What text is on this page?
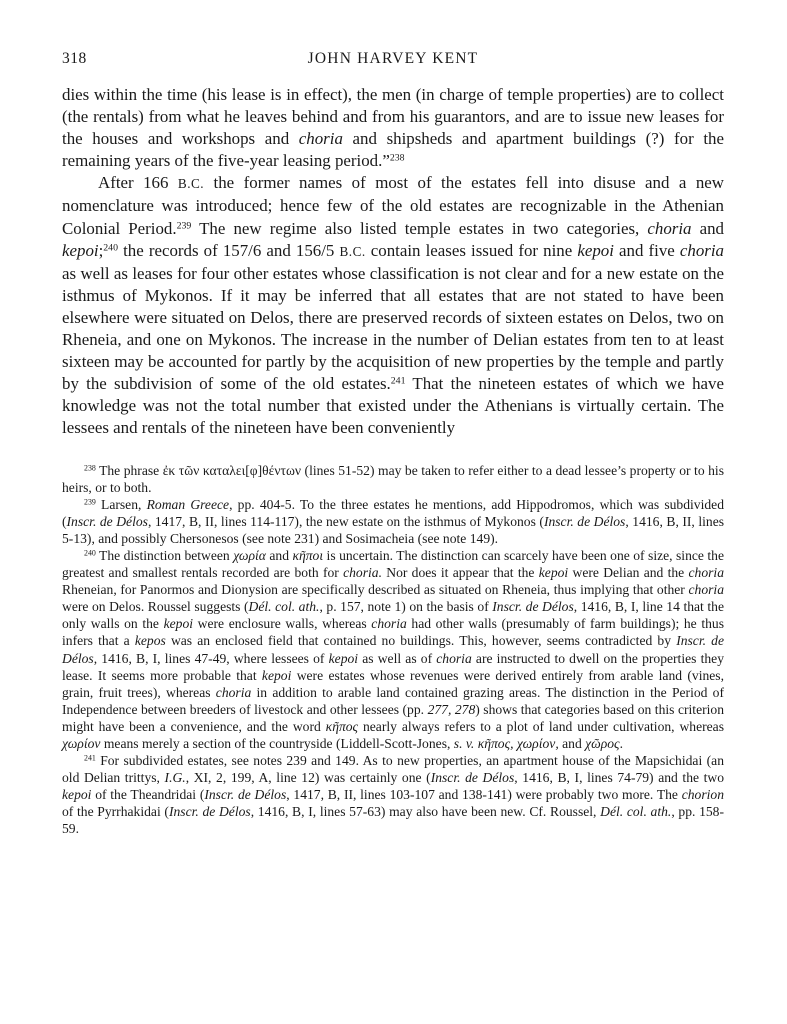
318	JOHN HARVEY KENT

dies within the time (his lease is in effect), the men (in charge of temple properties) are to collect (the rentals) from what he leaves behind and from his guarantors, and are to issue new leases for the houses and workshops and choria and shipsheds and apartment buildings (?) for the remaining years of the five-year leasing period.”$^{238}$

After 166 B.C. the former names of most of the estates fell into disuse and a new nomenclature was introduced; hence few of the old estates are recognizable in the Athenian Colonial Period.$^{239}$ The new regime also listed temple estates in two categories, choria and kepoi;$^{240}$ the records of 157/6 and 156/5 B.C. contain leases issued for nine kepoi and five choria as well as leases for four other estates whose classification is not clear and for a new estate on the isthmus of Mykonos. If it may be inferred that all estates that are not stated to have been elsewhere were situated on Delos, there are preserved records of sixteen estates on Delos, two on Rheneia, and one on Mykonos. The increase in the number of Delian estates from ten to at least sixteen may be accounted for partly by the acquisition of new properties by the temple and partly by the subdivision of some of the old estates.$^{241}$ That the nineteen estates of which we have knowledge was not the total number that existed under the Athenians is virtually certain. The lessees and rentals of the nineteen have been conveniently

$^{238}$ The phrase ἐκ τῶν καταλει[φ]θέντων (lines 51-52) may be taken to refer either to a dead lessee’s property or to his heirs, or to both.

$^{239}$ Larsen, Roman Greece, pp. 404-5. To the three estates he mentions, add Hippodromos, which was subdivided (Inscr. de Délos, 1417, B, II, lines 114-117), the new estate on the isthmus of Mykonos (Inscr. de Délos, 1416, B, II, lines 5-13), and possibly Chersonesos (see note 231) and Sosimacheia (see note 149).

$^{240}$ The distinction between χωρία and κῆποι is uncertain. The distinction can scarcely have been one of size, since the greatest and smallest rentals recorded are both for choria. Nor does it appear that the kepoi were Delian and the choria Rheneian, for Panormos and Dionysion are specifically described as situated on Rheneia, thus implying that other choria were on Delos. Roussel suggests (Dél. col. ath., p. 157, note 1) on the basis of Inscr. de Délos, 1416, B, I, line 14 that the only walls on the kepoi were enclosure walls, whereas choria had other walls (presumably of farm buildings); he thus infers that a kepos was an enclosed field that contained no buildings. This, however, seems contradicted by Inscr. de Délos, 1416, B, I, lines 47-49, where lessees of kepoi as well as of choria are instructed to dwell on the properties they lease. It seems more probable that kepoi were estates whose revenues were derived entirely from arable land (vines, grain, fruit trees), whereas choria in addition to arable land contained grazing areas. The distinction in the Period of Independence between breeders of livestock and other lessees (pp. 277, 278) shows that categories based on this criterion might have been a convenience, and the word κῆπος nearly always refers to a plot of land under cultivation, whereas χωρίον means merely a section of the countryside (Liddell-Scott-Jones, s. v. κῆπος, χωρίον, and χῶρος.

$^{241}$ For subdivided estates, see notes 239 and 149. As to new properties, an apartment house of the Mapsichidai (an old Delian trittys, I.G., XI, 2, 199, A, line 12) was certainly one (Inscr. de Délos, 1416, B, I, lines 74-79) and the two kepoi of the Theandridai (Inscr. de Délos, 1417, B, II, lines 103-107 and 138-141) were probably two more. The chorion of the Pyrrhakidai (Inscr. de Délos, 1416, B, I, lines 57-63) may also have been new. Cf. Roussel, Dél. col. ath., pp. 158-59.
